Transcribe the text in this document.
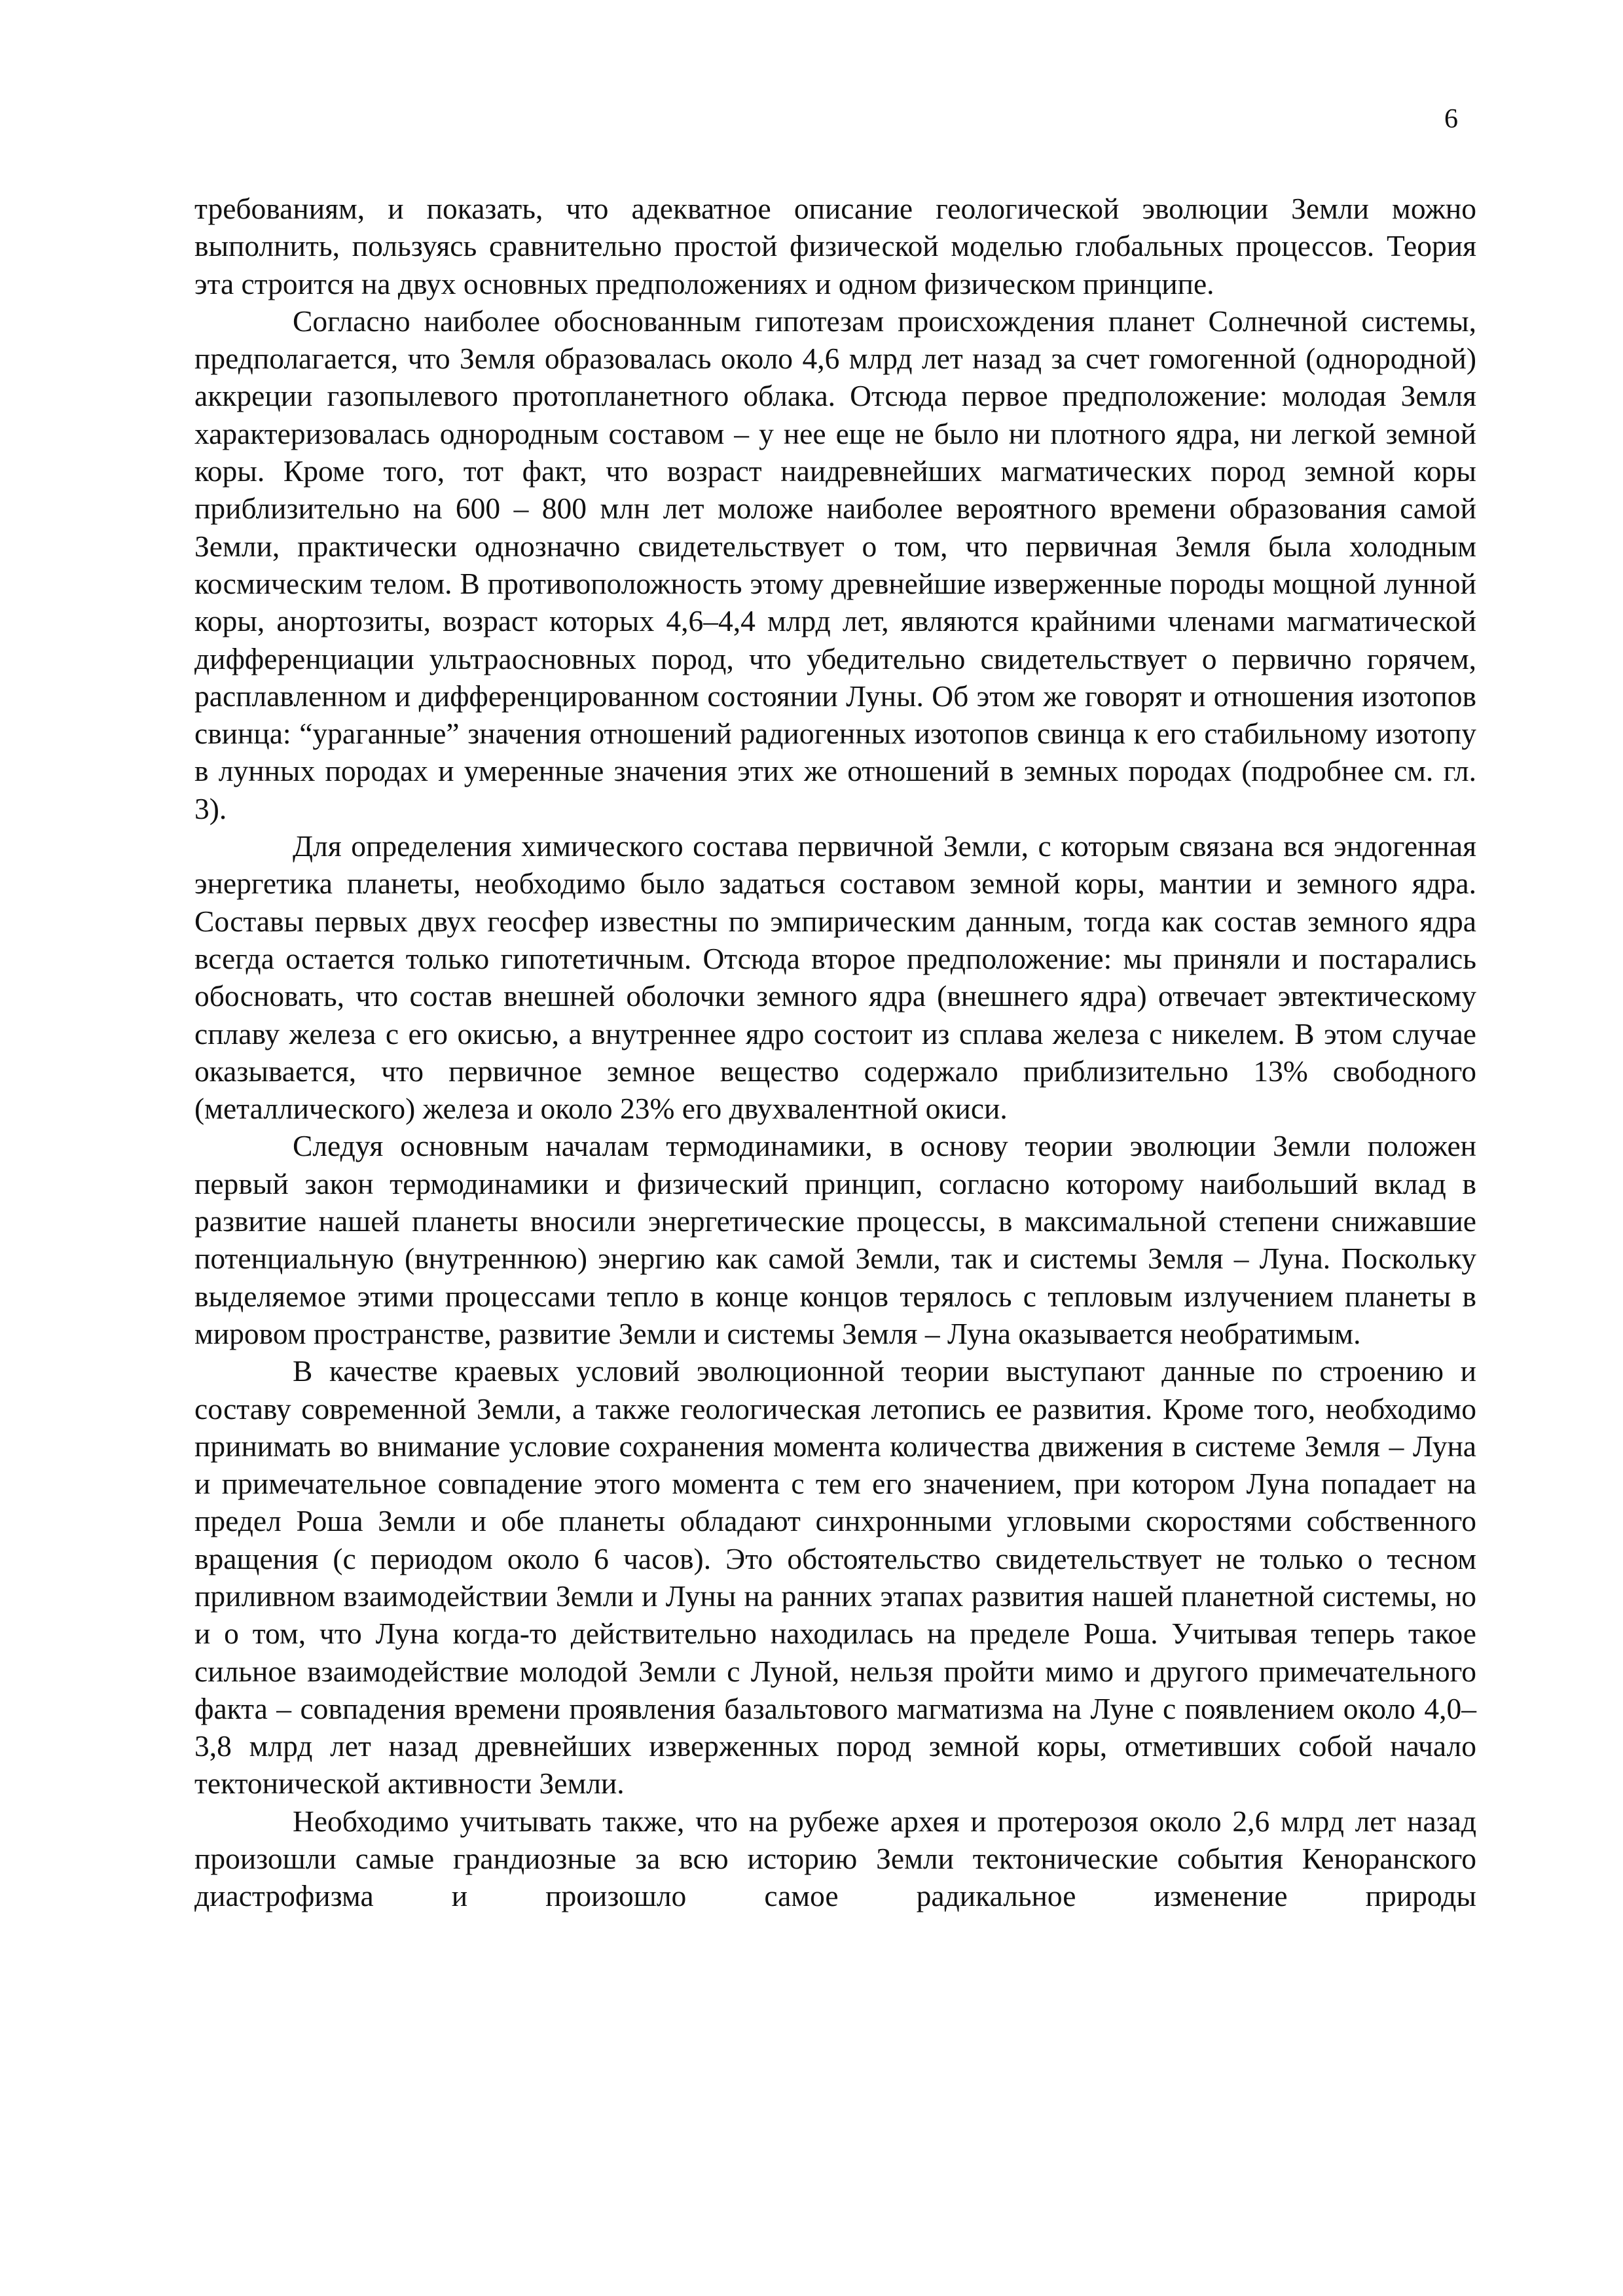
6

требованиям, и показать, что адекватное описание геологической эволюции Земли можно выполнить, пользуясь сравнительно простой физической моделью глобальных процессов. Теория эта строится на двух основных предположениях и одном физическом принципе.

Согласно наиболее обоснованным гипотезам происхождения планет Солнечной системы, предполагается, что Земля образовалась около 4,6 млрд лет назад за счет гомогенной (однородной) аккреции газопылевого протопланетного облака. Отсюда первое предположение: молодая Земля характеризовалась однородным составом – у нее еще не было ни плотного ядра, ни легкой земной коры. Кроме того, тот факт, что возраст наидревнейших магматических пород земной коры приблизительно на 600 – 800 млн лет моложе наиболее вероятного времени образования самой Земли, практически однозначно свидетельствует о том, что первичная Земля была холодным космическим телом. В противоположность этому древнейшие изверженные породы мощной лунной коры, анортозиты, возраст которых 4,6–4,4 млрд лет, являются крайними членами магматической дифференциации ультраосновных пород, что убедительно свидетельствует о первично горячем, расплавленном и дифференцированном состоянии Луны. Об этом же говорят и отношения изотопов свинца: “ураганные” значения отношений радиогенных изотопов свинца к его стабильному изотопу в лунных породах и умеренные значения этих же отношений в земных породах (подробнее см. гл. 3).

Для определения химического состава первичной Земли, с которым связана вся эндогенная энергетика планеты, необходимо было задаться составом земной коры, мантии и земного ядра. Составы первых двух геосфер известны по эмпирическим данным, тогда как состав земного ядра всегда остается только гипотетичным. Отсюда второе предположение: мы приняли и постарались обосновать, что состав внешней оболочки земного ядра (внешнего ядра) отвечает эвтектическому сплаву железа с его окисью, а внутреннее ядро состоит из сплава железа с никелем. В этом случае оказывается, что первичное земное вещество содержало приблизительно 13% свободного (металлического) железа и около 23% его двухвалентной окиси.

Следуя основным началам термодинамики, в основу теории эволюции Земли положен первый закон термодинамики и физический принцип, согласно которому наибольший вклад в развитие нашей планеты вносили энергетические процессы, в максимальной степени снижавшие потенциальную (внутреннюю) энергию как самой Земли, так и системы Земля – Луна. Поскольку выделяемое этими процессами тепло в конце концов терялось с тепловым излучением планеты в мировом пространстве, развитие Земли и системы Земля – Луна оказывается необратимым.

В качестве краевых условий эволюционной теории выступают данные по строению и составу современной Земли, а также геологическая летопись ее развития. Кроме того, необходимо принимать во внимание условие сохранения момента количества движения в системе Земля – Луна и примечательное совпадение этого момента с тем его значением, при котором Луна попадает на предел Роша Земли и обе планеты обладают синхронными угловыми скоростями собственного вращения (с периодом около 6 часов). Это обстоятельство свидетельствует не только о тесном приливном взаимодействии Земли и Луны на ранних этапах развития нашей планетной системы, но и о том, что Луна когда-то действительно находилась на пределе Роша. Учитывая теперь такое сильное взаимодействие молодой Земли с Луной, нельзя пройти мимо и другого примечательного факта – совпадения времени проявления базальтового магматизма на Луне с появлением около 4,0–3,8 млрд лет назад древнейших изверженных пород земной коры, отметивших собой начало тектонической активности Земли.

Необходимо учитывать также, что на рубеже архея и протерозоя около 2,6 млрд лет назад произошли самые грандиозные за всю историю Земли тектонические события Кеноранского диастрофизма и произошло самое радикальное изменение природы
